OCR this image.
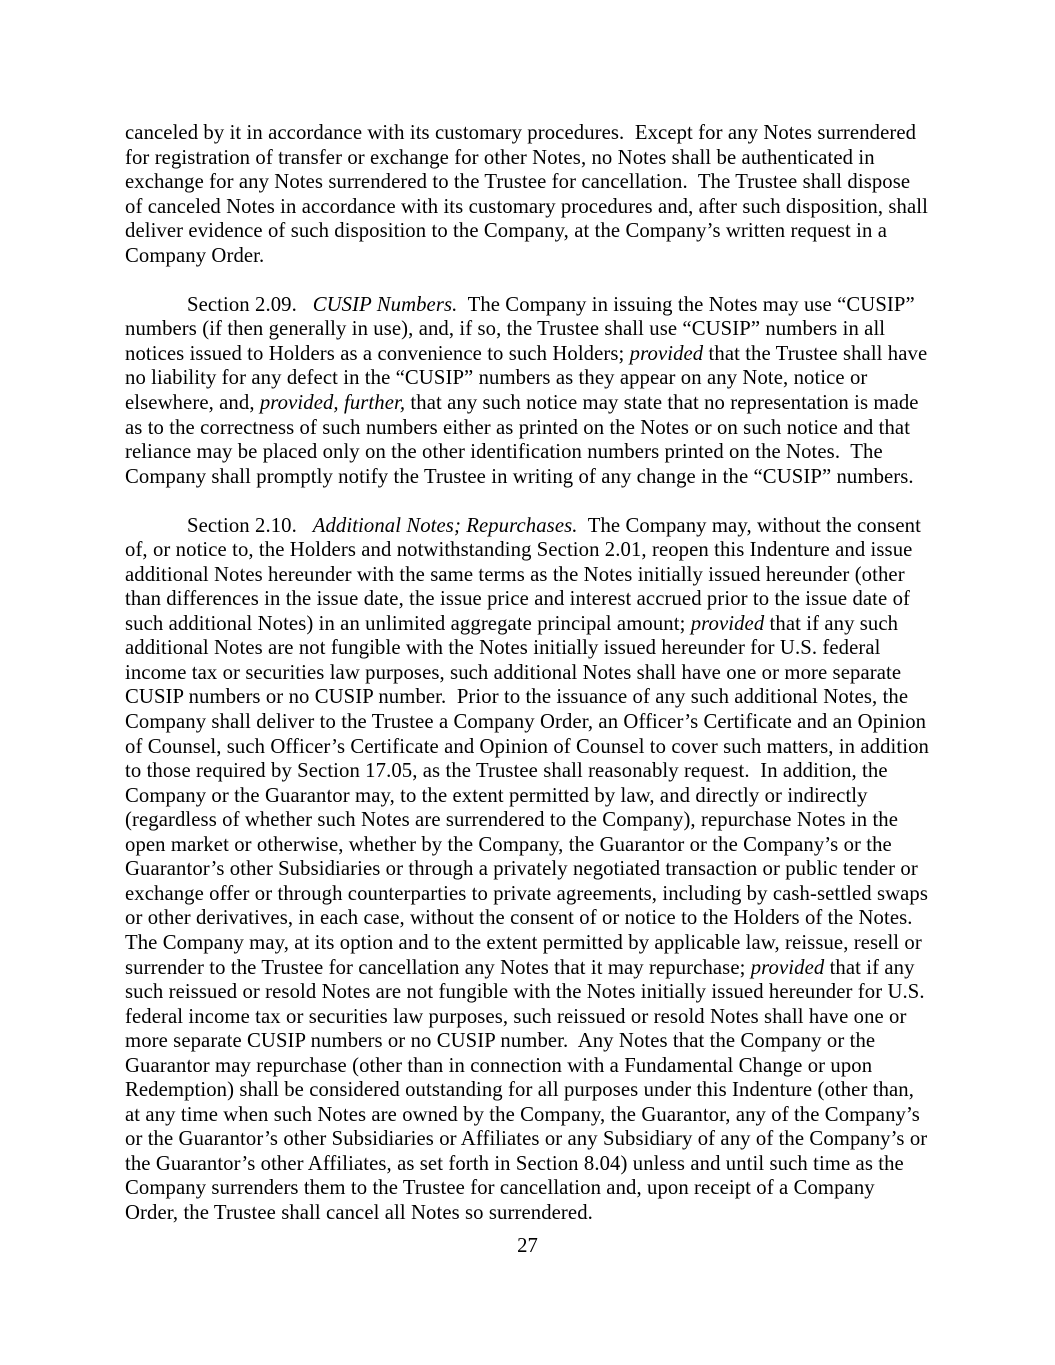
canceled by it in accordance with its customary procedures.  Except for any Notes surrendered for registration of transfer or exchange for other Notes, no Notes shall be authenticated in exchange for any Notes surrendered to the Trustee for cancellation.  The Trustee shall dispose of canceled Notes in accordance with its customary procedures and, after such disposition, shall deliver evidence of such disposition to the Company, at the Company’s written request in a Company Order.

Section 2.09.   CUSIP Numbers.  The Company in issuing the Notes may use “CUSIP” numbers (if then generally in use), and, if so, the Trustee shall use “CUSIP” numbers in all notices issued to Holders as a convenience to such Holders; provided that the Trustee shall have no liability for any defect in the “CUSIP” numbers as they appear on any Note, notice or elsewhere, and, provided, further, that any such notice may state that no representation is made as to the correctness of such numbers either as printed on the Notes or on such notice and that reliance may be placed only on the other identification numbers printed on the Notes.  The Company shall promptly notify the Trustee in writing of any change in the “CUSIP” numbers.

Section 2.10.   Additional Notes; Repurchases.  The Company may, without the consent of, or notice to, the Holders and notwithstanding Section 2.01, reopen this Indenture and issue additional Notes hereunder with the same terms as the Notes initially issued hereunder (other than differences in the issue date, the issue price and interest accrued prior to the issue date of such additional Notes) in an unlimited aggregate principal amount; provided that if any such additional Notes are not fungible with the Notes initially issued hereunder for U.S. federal income tax or securities law purposes, such additional Notes shall have one or more separate CUSIP numbers or no CUSIP number.  Prior to the issuance of any such additional Notes, the Company shall deliver to the Trustee a Company Order, an Officer’s Certificate and an Opinion of Counsel, such Officer’s Certificate and Opinion of Counsel to cover such matters, in addition to those required by Section 17.05, as the Trustee shall reasonably request.  In addition, the Company or the Guarantor may, to the extent permitted by law, and directly or indirectly (regardless of whether such Notes are surrendered to the Company), repurchase Notes in the open market or otherwise, whether by the Company, the Guarantor or the Company’s or the Guarantor’s other Subsidiaries or through a privately negotiated transaction or public tender or exchange offer or through counterparties to private agreements, including by cash-settled swaps or other derivatives, in each case, without the consent of or notice to the Holders of the Notes.  The Company may, at its option and to the extent permitted by applicable law, reissue, resell or surrender to the Trustee for cancellation any Notes that it may repurchase; provided that if any such reissued or resold Notes are not fungible with the Notes initially issued hereunder for U.S. federal income tax or securities law purposes, such reissued or resold Notes shall have one or more separate CUSIP numbers or no CUSIP number.  Any Notes that the Company or the Guarantor may repurchase (other than in connection with a Fundamental Change or upon Redemption) shall be considered outstanding for all purposes under this Indenture (other than, at any time when such Notes are owned by the Company, the Guarantor, any of the Company’s or the Guarantor’s other Subsidiaries or Affiliates or any Subsidiary of any of the Company’s or the Guarantor’s other Affiliates, as set forth in Section 8.04) unless and until such time as the Company surrenders them to the Trustee for cancellation and, upon receipt of a Company Order, the Trustee shall cancel all Notes so surrendered.

27
